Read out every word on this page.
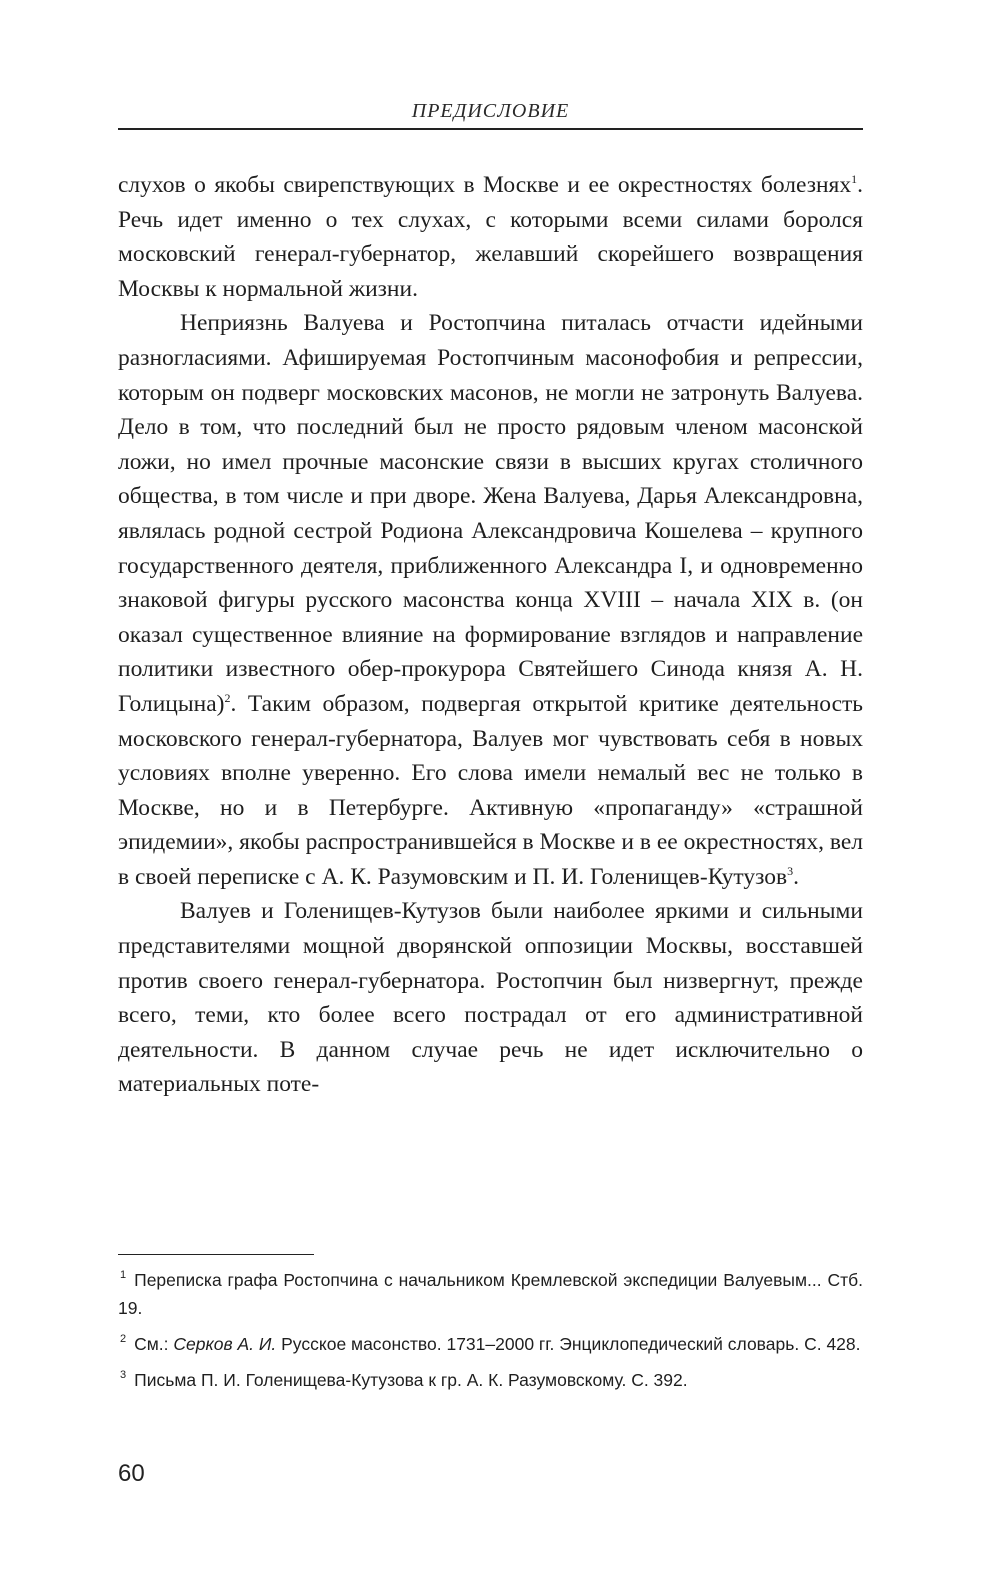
ПРЕДИСЛОВИЕ

слухов о якобы свирепствующих в Москве и ее окрестностях болезнях$^1$. Речь идет именно о тех слухах, с которыми всеми силами боролся московский генерал-губернатор, желавший скорейшего возвращения Москвы к нормальной жизни.

Неприязнь Валуева и Ростопчина питалась отчасти идейными разногласиями. Афишируемая Ростопчиным масонофобия и репрессии, которым он подверг московских масонов, не могли не затронуть Валуева. Дело в том, что последний был не просто рядовым членом масонской ложи, но имел прочные масонские связи в высших кругах столичного общества, в том числе и при дворе. Жена Валуева, Дарья Александровна, являлась родной сестрой Родиона Александровича Кошелева – крупного государственного деятеля, приближенного Александра I, и одновременно знаковой фигуры русского масонства конца XVIII – начала XIX в. (он оказал существенное влияние на формирование взглядов и направление политики известного обер-прокурора Святейшего Синода князя А. Н. Голицына)$^2$. Таким образом, подвергая открытой критике деятельность московского генерал-губернатора, Валуев мог чувствовать себя в новых условиях вполне уверенно. Его слова имели немалый вес не только в Москве, но и в Петербурге. Активную «пропаганду» «страшной эпидемии», якобы распространившейся в Москве и в ее окрестностях, вел в своей переписке с А. К. Разумовским и П. И. Голенищев-Кутузов$^3$.

Валуев и Голенищев-Кутузов были наиболее яркими и сильными представителями мощной дворянской оппозиции Москвы, восставшей против своего генерал-губернатора. Ростопчин был низвергнут, прежде всего, теми, кто более всего пострадал от его административной деятельности. В данном случае речь не идет исключительно о материальных поте-

$^1$ Переписка графа Ростопчина с начальником Кремлевской экспедиции Валуевым... Стб. 19.

$^2$ См.: Серков А. И. Русское масонство. 1731–2000 гг. Энциклопедический словарь. С. 428.

$^3$ Письма П. И. Голенищева-Кутузова к гр. А. К. Разумовскому. С. 392.

60
